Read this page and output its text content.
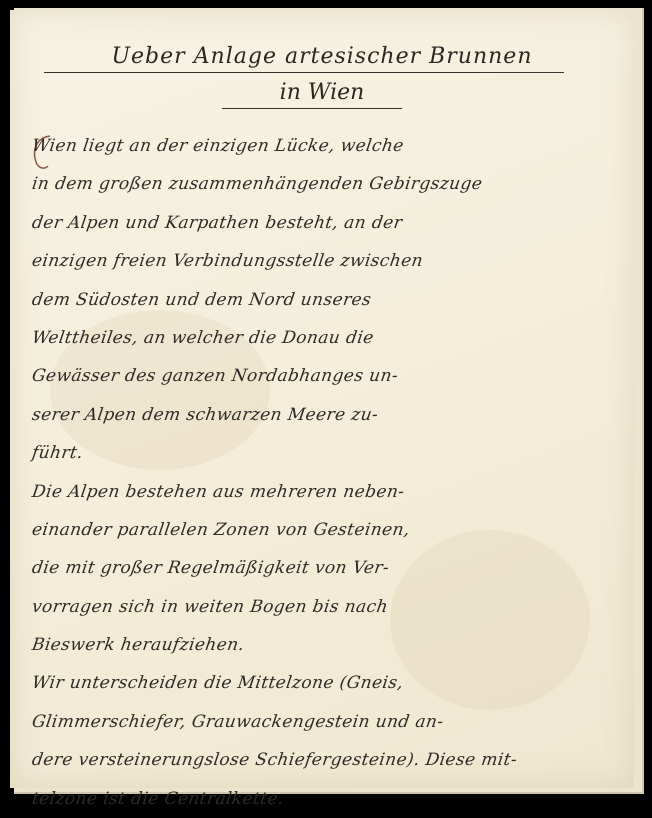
Ueber Anlage artesischer Brunnen
in Wien
Wien liegt an der einzigen Lücke, welche
in dem großen zusammenhängenden Gebirgszuge
der Alpen und Karpathen besteht, an der
einzigen freien Verbindungsstelle zwischen
dem Südosten und dem Nord unseres
Welttheiles, an welcher die Donau die
Gewässer des ganzen Nordabhanges un-
serer Alpen dem schwarzen Meere zu-
führt.
Die Alpen bestehen aus mehreren neben-
einander parallelen Zonen von Gesteinen,
die mit großer Regelmäßigkeit von Ver-
vorragen sich in weiten Bogen bis nach
Bieswerk heraufziehen.
Wir unterscheiden die Mittelzone (Gneis,
Glimmerschiefer, Grauwackengestein und an-
dere versteinerungslose Schiefergesteine). Diese mit-
telzone ist die Centralkette.
